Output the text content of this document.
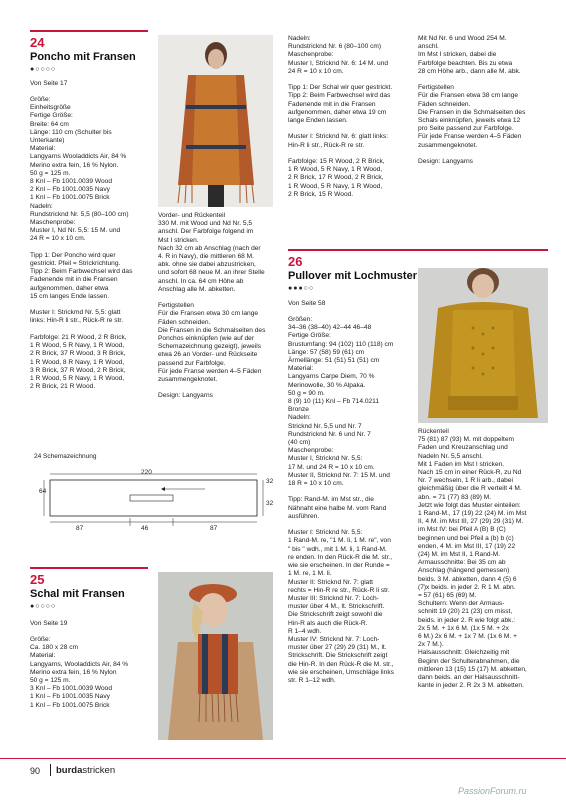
24
Poncho mit Fransen
●○○○○
Von Seite 17
Größe:
Einheitsgröße
Fertige Größe:
Breite: 64 cm
Länge: 110 cm (Schulter bis
Unterkante)
Material:
Langyarns Wooladdicts Air, 84 %
Merino extra fein, 16 % Nylon.
50 g = 125 m.
8 Knl – Fb 1001.0039 Wood
2 Knl – Fb 1001.0035 Navy
1 Knl – Fb 1001.0075 Brick
Nadeln:
Rundstricknd Nr. 5,5 (80–100 cm)
Maschenprobe:
Muster I, Nd Nr. 5,5: 15 M. und
24 R = 10 x 10 cm.

Tipp 1: Der Poncho wird quer
gestrickt. Pfeil = Strickrichtung.
Tipp 2: Beim Farbwechsel wird das
Fadenende mit in die Fransen
aufgenommen, daher etwa
15 cm langes Ende lassen.

Muster I: Strickmd Nr. 5,5: glatt
links: Hin-R li str., Rück-R re str.

Farbfolge: 21 R Wood, 2 R Brick,
1 R Wood, 5 R Navy, 1 R Wood,
2 R Brick, 37 R Wood, 3 R Brick,
1 R Wood, 8 R Navy, 1 R Wood,
3 R Brick, 37 R Wood, 2 R Brick,
1 R Wood, 5 R Navy, 1 R Wood,
2 R Brick, 21 R Wood.
Vorder- und Rückenteil
330 M. mit Wood und Nd Nr. 5,5
anschl. Der Farbfolge folgend im
Mst I stricken.
Nach 32 cm ab Anschlag (nach der
4. R in Navy), die mittleren 68 M.
abk. ohne sie dabei abzustricken,
und sofort 68 neue M. an ihrer Stelle
anschl. In ca. 64 cm Höhe ab
Anschlag alle M. abketten.

Fertigstellen
Für die Fransen etwa 30 cm lange
Fäden schneiden.
Die Fransen in die Schmalseiten des
Ponchos einknüpfen (wie auf der
Schemazeichnung gezeigt), jeweils
etwa 26 an Vorder- und Rückseite
passend zur Farbfolge.
Für jede Franse werden 4–5 Fäden
zusammengeknotet.

Design: Langyarns
24 Schemazeichnung
220
64
32
32
87	46	87
25
Schal mit Fransen
●○○○○
Von Seite 19
Größe:
Ca. 180 x 28 cm
Material:
Langyarns, Wooladdicts Air, 84 %
Merino extra fein, 16 % Nylon
50 g = 125 m.
3 Knl – Fb 1001.0039 Wood
1 Knl – Fb 1001.0035 Navy
1 Knl – Fb 1001.0075 Brick
Nadeln:
Rundstricknd Nr. 6 (80–100 cm)
Maschenprobe:
Muster I, Stricknd Nr. 6: 14 M. und
24 R = 10 x 10 cm.

Tipp 1: Der Schal wir quer gestrickt.
Tipp 2: Beim Farbwechsel wird das
Fadenende mit in die Fransen
aufgenommen, daher etwa 19 cm
lange Enden lassen.

Muster I: Stricknd Nr. 6: glatt links:
Hin-R li str., Rück-R re str.

Farbfolge: 15 R Wood, 2 R Brick,
1 R Wood, 5 R Navy, 1 R Wood,
2 R Brick, 17 R Wood, 2 R Brick,
1 R Wood, 5 R Navy, 1 R Wood,
2 R Brick, 15 R Wood.
Mit Nd Nr. 6 und Wood 254 M.
anschl.
Im Mst I stricken, dabei die
Farbfolge beachten. Bis zu etwa
28 cm Höhe arb., dann alle M. abk.

Fertigstellen
Für die Fransen etwa 38 cm lange
Fäden schneiden.
Die Fransen in die Schmalseiten des
Schals einknüpfen, jeweils etwa 12
pro Seite passend zur Farbfolge.
Für jede Franse werden 4–5 Fäden
zusammengeknotet.

Design: Langyarns
26
Pullover mit Lochmuster
●●●○○
Von Seite 58
Größen:
34–36 (38–40) 42–44 46–48
Fertige Größe:
Brustumfang: 94 (102) 110 (118) cm
Länge: 57 (58) 59 (61) cm
Ärmellänge: 51 (51) 51 (51) cm
Material:
Langyarns Carpe Diem, 70 %
Merinowolle, 30 % Alpaka.
50 g = 90 m.
8 (9) 10 (11) Knl – Fb 714.0211
Bronze
Nadeln:
Stricknd Nr. 5,5 und Nr. 7
Rundstricknd Nr. 6 und Nr. 7
(40 cm)
Maschenprobe:
Muster I, Stricknd Nr. 5,5:
17 M. und 24 R = 10 x 10 cm.
Muster II, Stricknd Nr. 7: 15 M. und
18 R = 10 x 10 cm.

Tipp: Rand-M. im Mst str., die
Nähnaht eine halbe M. vom Rand
ausführen.

Muster I: Stricknd Nr. 5,5:
1 Rand-M. re, "1 M. li, 1 M. re", von
" bis " wdh., mit 1 M. li, 1 Rand-M.
re enden. In den Rück-R die M. str.,
wie sie erscheinen. In der Runde =
1 M. re, 1 M. li.
Muster II: Stricknd Nr. 7: glatt
rechts = Hin-R re str., Rück-R li str.
Muster III: Stricknd Nr. 7: Loch-
muster über 4 M., lt. Strickschrift.
Die Strickschrift zeigt sowohl die
Hin-R als auch die Rück-R.
R 1–4 wdh.
Muster IV: Stricknd Nr. 7: Loch-
muster über 27 (29) 29 (31) M., lt.
Strickschrift. Die Strickschrift zeigt
die Hin-R. In den Rück-R die M. str.,
wie sie erscheinen, Umschläge links
str. R 1–12 wdh.
Rückenteil
75 (81) 87 (93) M. mit doppeltem
Faden und Kreuzanschlag und
Nadeln Nr. 5,5 anschl.
Mit 1 Faden im Mst I stricken.
Nach 15 cm in einer Rück-R, zu Nd
Nr. 7 wechseln, 1 R li arb., dabei
gleichmäßig über die R verteilt 4 M.
abn. = 71 (77) 83 (89) M.
Jetzt wie folgt das Muster einteilen:
1 Rand-M., 17 (19) 22 (24) M. im Mst
II, 4 M. im Mst III, 27 (29) 29 (31) M.
im Mst IV: bei Pfeil A (B) B (C)
beginnen und bei Pfeil a (b) b (c)
enden, 4 M. im Mst III, 17 (19) 22
(24) M. im Mst II, 1 Rand-M.
Armausschnitte: Bei 35 cm ab
Anschlag (hängend gemessen)
beids. 3 M. abketten, dann 4 (5) 6
(7)x beids. in jeder 2. R 1 M. abn.
= 57 (61) 65 (69) M.
Schultern: Wenn der Armaus-
schnitt 19 (20) 21 (23) cm misst,
beids. in jeder 2. R wie folgt abk.:
2x 5 M. + 1x 6 M. (1x 5 M. + 2x
6 M.) 2x 6 M. + 1x 7 M. (1x 6 M. +
2x 7 M.).
Halsausschnitt: Gleichzeitig mit
Beginn der Schulterabnahmen, die
mittleren 13 (15) 15 (17) M. abketten,
dann beids. an der Halsausschnitt-
kante in jeder 2. R 2x 3 M. abketten.
90 burdastricken
PassionForum.ru
